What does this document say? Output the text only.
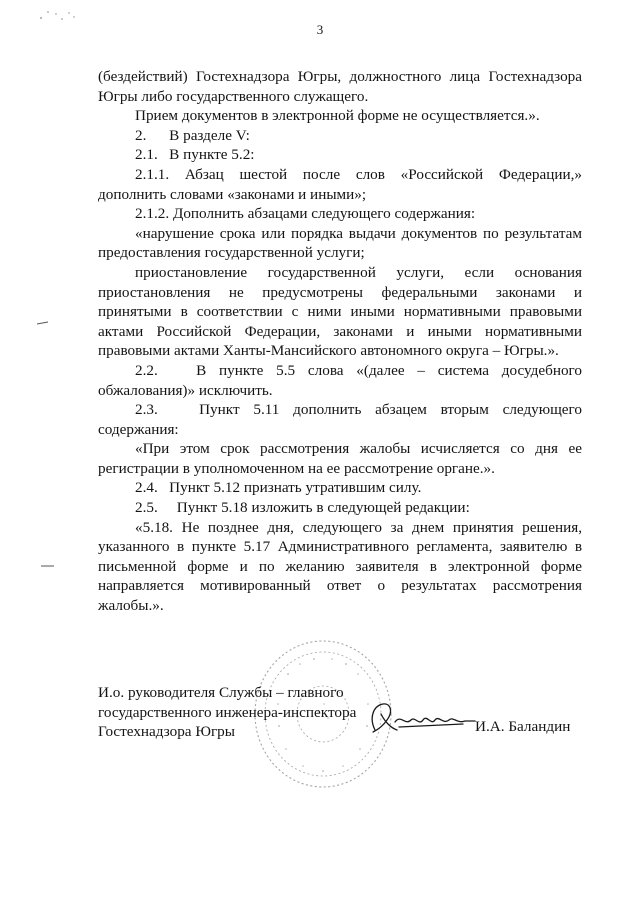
3

(бездействий) Гостехнадзора Югры, должностного лица Гостехнадзора Югры либо государственного служащего.

Прием документов в электронной форме не осуществляется.».

2.      В разделе V:

2.1.   В пункте 5.2:

2.1.1. Абзац шестой после слов «Российской Федерации,» дополнить словами «законами и иными»;

2.1.2. Дополнить абзацами следующего содержания:

«нарушение срока или порядка выдачи документов по результатам предоставления государственной услуги;

приостановление государственной услуги, если основания приостановления не предусмотрены федеральными законами и принятыми в соответствии с ними иными нормативными правовыми актами Российской Федерации, законами и иными нормативными правовыми актами Ханты-Мансийского автономного округа – Югры.».

2.2.   В пункте 5.5 слова «(далее – система досудебного обжалования)» исключить.

2.3.   Пункт 5.11 дополнить абзацем вторым следующего содержания:

«При этом срок рассмотрения жалобы исчисляется со дня ее регистрации в уполномоченном на ее рассмотрение органе.».

2.4.   Пункт 5.12 признать утратившим силу.

2.5.     Пункт 5.18 изложить в следующей редакции:

«5.18. Не позднее дня, следующего за днем принятия решения, указанного в пункте 5.17 Административного регламента, заявителю в письменной форме и по желанию заявителя в электронной форме направляется мотивированный ответ о результатах рассмотрения жалобы.».

И.о. руководителя Службы – главного
государственного инженера-инспектора
Гостехнадзора Югры	И.А. Баландин
